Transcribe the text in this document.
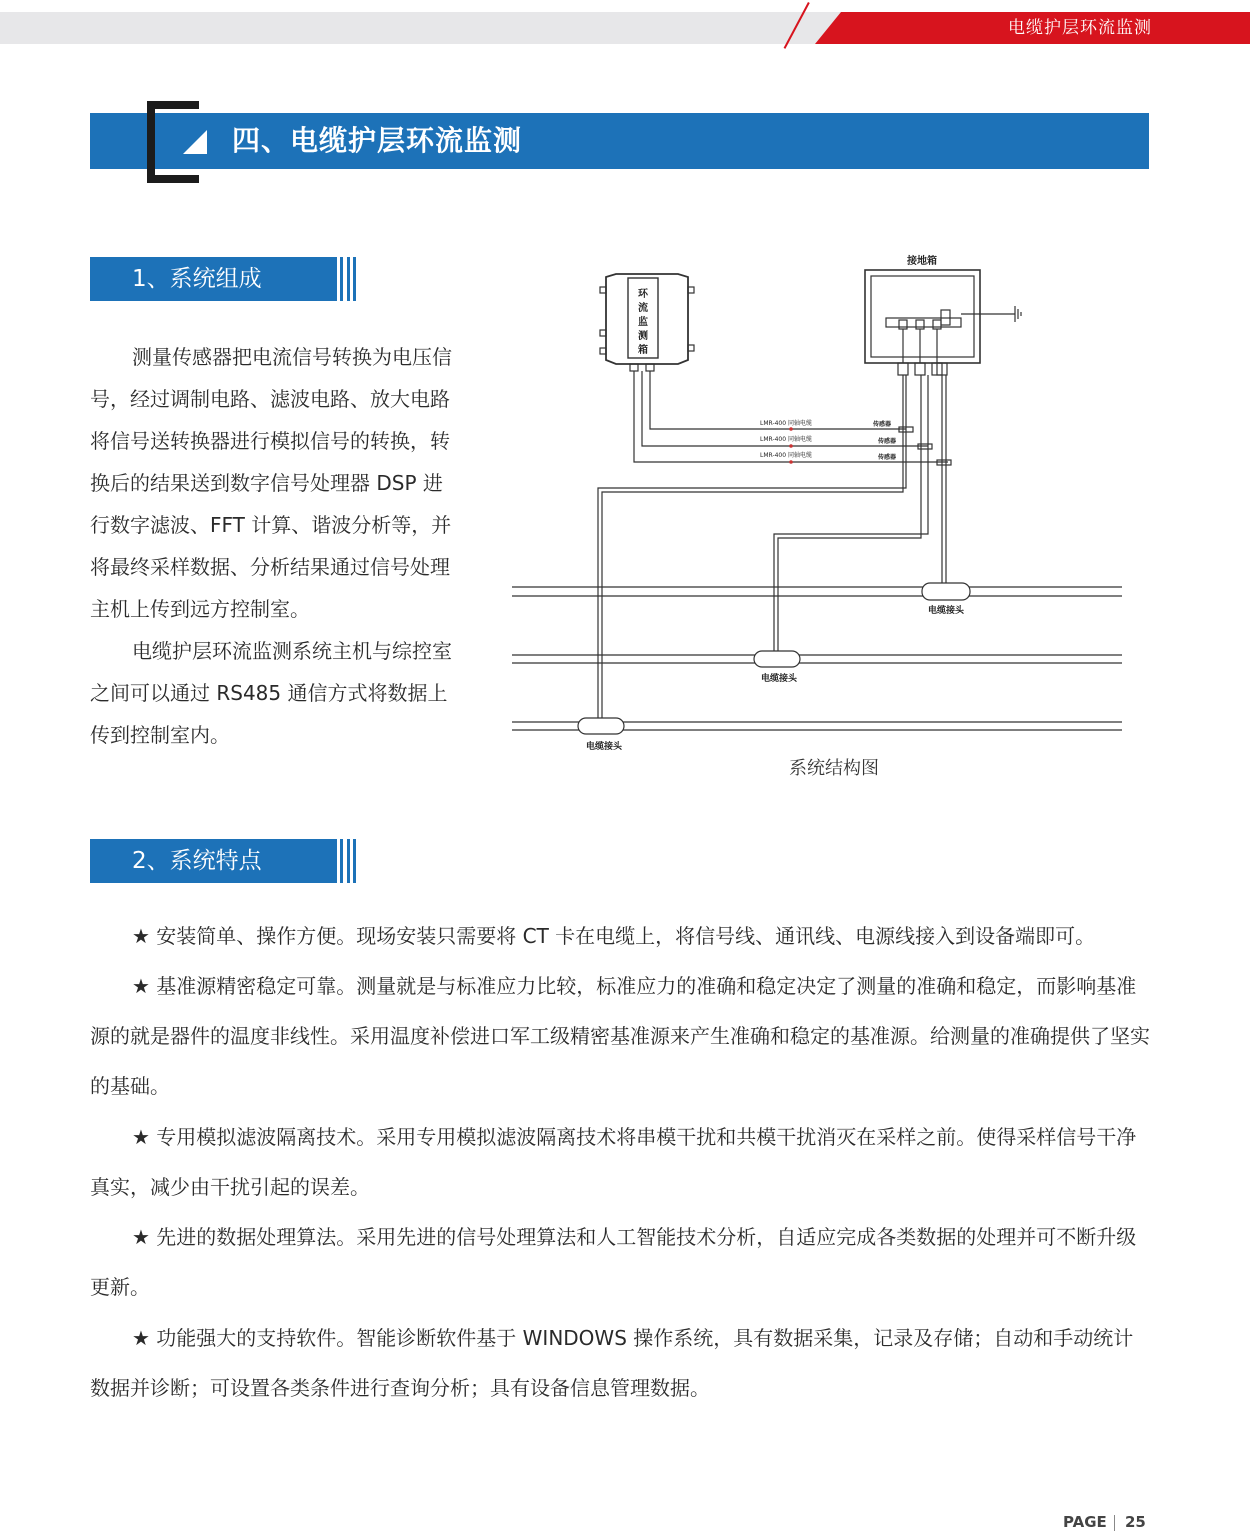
电缆护层环流监测
四、电缆护层环流监测
1、系统组成

测量传感器把电流信号转换为电压信号，经过调制电路、滤波电路、放大电路将信号送转换器进行模拟信号的转换，转换后的结果送到数字信号处理器 DSP 进行数字滤波、FFT 计算、谐波分析等，并将最终采样数据、分析结果通过信号处理主机上传到远方控制室。

电缆护层环流监测系统主机与综控室之间可以通过 RS485 通信方式将数据上传到控制室内。

环
流
监
测
箱
接地箱
LMR-400 同轴电缆
LMR-400 同轴电缆
LMR-400 同轴电缆
传感器
传感器
传感器
电缆接头
电缆接头
电缆接头
系统结构图
2、系统特点

★ 安装简单、操作方便。现场安装只需要将 CT 卡在电缆上，将信号线、通讯线、电源线接入到设备端即可。

★ 基准源精密稳定可靠。测量就是与标准应力比较，标准应力的准确和稳定决定了测量的准确和稳定，而影响基准源的就是器件的温度非线性。采用温度补偿进口军工级精密基准源来产生准确和稳定的基准源。给测量的准确提供了坚实的基础。

★ 专用模拟滤波隔离技术。采用专用模拟滤波隔离技术将串模干扰和共模干扰消灭在采样之前。使得采样信号干净真实，减少由干扰引起的误差。

★ 先进的数据处理算法。采用先进的信号处理算法和人工智能技术分析，自适应完成各类数据的处理并可不断升级更新。

★ 功能强大的支持软件。智能诊断软件基于 WINDOWS 操作系统，具有数据采集，记录及存储；自动和手动统计数据并诊断；可设置各类条件进行查询分析；具有设备信息管理数据。

PAGE 25
